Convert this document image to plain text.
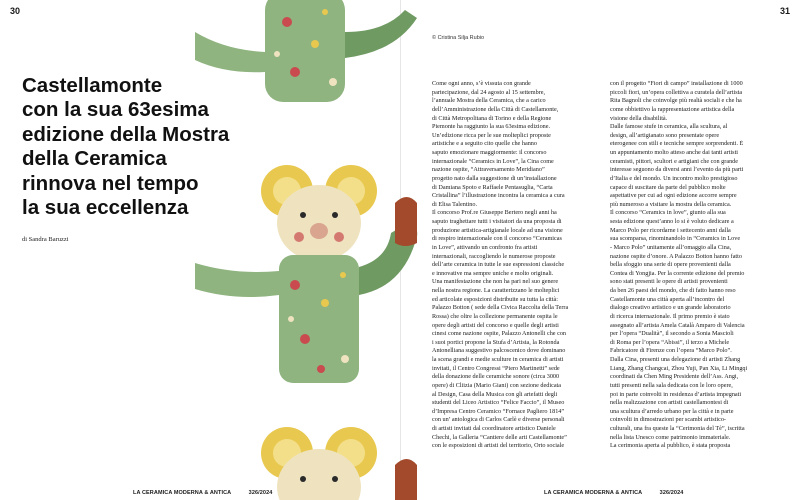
30	31
© Cristina Silja Rubio
Castellamonte
con la sua 63esima
edizione della Mostra
della Ceramica
rinnova nel tempo
la sua eccellenza
di Sandra Baruzzi

Come ogni anno, s’è vissuta con grande

partecipazione, dal 24 agosto al 15 settembre,

l’annuale Mostra della Ceramica, che a carico

dell’Amministrazione della Città di Castellamonte,

di Città Metropolitana di Torino e della Regione

Piemonte ha raggiunto la sua 63esima edizione.

Un’edizione ricca per le sue molteplici proposte

artistiche e a seguito cito quelle che hanno

saputo emozionare maggiormente: il concorso

internazionale “Ceramics in Love”, la Cina come

nazione ospite, “Attraversamento Meridiano”

progetto nato dalla suggestione di un’installazione

di Damiana Spoto e Raffaele Pentasuglia, “Carta

Cristallina” l’illustrazione incontra la ceramica a cura

di Elisa Talentino.

Il concorso Prof.re Giuseppe Bertero negli anni ha

saputo traghettare tutti i visitatori da una proposta di

produzione artistica-artigianale locale ad una visione

di respiro internazionale con il concorso “Ceramicas

in Love”, attivando un confronto fra artisti

internazionali, raccogliendo le numerose proposte

dell’arte ceramica in tutte le sue espressioni classiche

e innovative ma sempre uniche e molto originali.

Una manifestazione che non ha pari nel suo genere

nella nostra regione. La caratterizzano le molteplici

ed articolate esposizioni distribuite su tutta la città:

Palazzo Botton ( sede della Civica Raccolta della Terra

Rossa) che oltre la collezione permanente ospita le

opere degli artisti del concorso e quelle degli artisti

cinesi come nazione ospite, Palazzo Antonelli che con

i suoi portici propone la Stufa d’Artista, la Rotonda

Antonelliana suggestivo palcoscenico dove dominano

la scena grandi e medie sculture in ceramica di artisti

invitati, il Centro Congressi “Piero Martinetti” sede

della donazione delle ceramiche sonore (circa 3000

opere) di Cliizia (Mario Giani) con sezione dedicata

al Design, Casa della Musica con gli artefatti degli

studenti del Liceo Artistico “Felice Faccio”, il Museo

d’Impresa Centro Ceramico “Fornace Pagliero 1814”

con un’ antologica di Carlos Carlè e diverse personali

di artisti invitati dal coordinatore artistico Daniele

Chechi, la Galleria “Cantiere delle arti Castellamonte”

con le esposizioni di artisti del territorio, Orto sociale

con il progetto “Fiori di campo” installazione di 1000

piccoli fiori, un’opera collettiva a curatela dell’artista

Rita Bagnoli che coinvolge più realtà sociali e che ha

come obbiettivo la rappresentazione artistica della

visione della disabilità.

Dalle famose stufe in ceramica, alla scultura, al

design, all’artigianato sono presentate opere

eterogenee con stili e tecniche sempre sorprendenti. È

un appuntamento molto atteso anche dai tanti artisti

ceramisti, pittori, scultori e artigiani che con grande

interesse seguono da diversi anni l’evento da più parti

d’Italia e del mondo. Un incontro molto prestigioso

capace di suscitare da parte del pubblico molte

aspettative per cui ad ogni edizione accorre sempre

più numeroso a visitare la mostra della ceramica.

Il concorso “Ceramics in love”, giunto alla sua

sesta edizione quest’anno lo si è voluto dedicare a

Marco Polo per ricordarne i settecento anni dalla

sua scomparsa, rinominandolo in “Ceramics in Love

- Marco Polo” unitamente all’omaggio alla Cina,

nazione ospite d’onore. A Palazzo Botton hanno fatto

bella sfoggio una serie di opere provenienti dalla

Contea di Yongjia. Per la corrente edizione del premio

sono stati presenti le opere di artisti provenienti

da ben 26 paesi del mondo, che di fatto hanno reso

Castellamonte una città aperta all’incontro del

dialogo creativo artistico e un grande laboratorio

di ricerca internazionale. Il primo premio è stato

assegnato all’artista Amela Català Amparo di Valencia

per l’opera “Dualità”, il secondo a Sonia Mascioli

di Roma per l’opera “Abissi”, il terzo a Michele

Fabricatore di Firenze con l’opera “Marco Polo”.

Dalla Cina, presenti una delegazione di artisti Zhang

Liang, Zhang Changcai, Zhou Yuji, Pan Xia, Li Mingqi

coordinati da Chen Ming Presidente dell’Ass. Angi,

tutti presenti nella sala dedicata con le loro opere,

poi in parte coinvolti in residenza d’artista impegnati

nella realizzazione con artisti castellamontesi di

una scultura d’arredo urbano per la città e in parte

coinvolti in dimostrazioni per scambi artistico-

culturali, una fra queste la “Cerimonia del Tè”, iscritta

nella lista Unesco come patrimonio immateriale.

La cerimonia aperta al pubblico, è stata proposta

LA CERAMICA MODERNA & ANTICA	326/2024	LA CERAMICA MODERNA & ANTICA	326/2024
